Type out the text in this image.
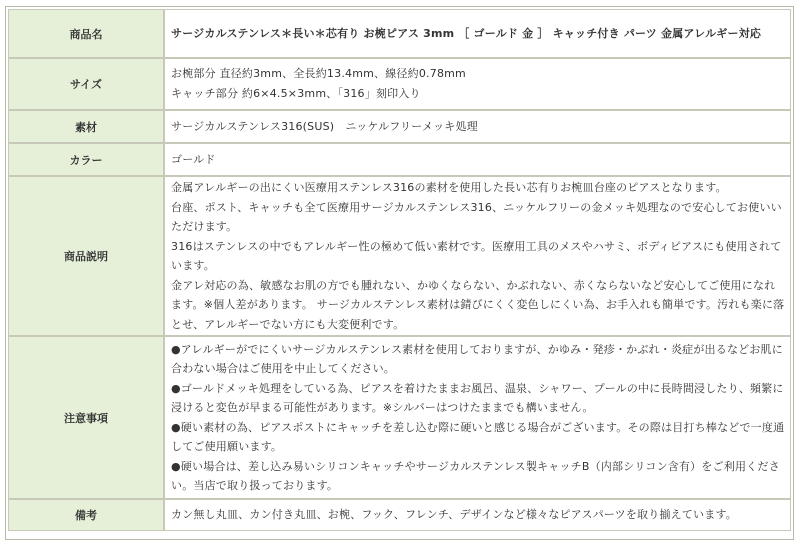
商品名	サージカルステンレス＊長い＊芯有り お椀ピアス 3mm ［ ゴールド 金 ］ キャッチ付き パーツ 金属アレルギー対応
サイズ	お椀部分 直径約3mm、全長約13.4mm、線径約0.78mm

キャッチ部分 約6×4.5×3mm、「316」刻印入り

素材	サージカルステンレス316(SUS)　ニッケルフリーメッキ処理
カラー	ゴールド
商品説明	金属アレルギーの出にくい医療用ステンレス316の素材を使用した長い芯有りお椀皿台座のピアスとなります。

台座、ポスト、キャッチも全て医療用サージカルステンレス316、ニッケルフリーの金メッキ処理なので安心してお使いいただけます。

316はステンレスの中でもアレルギー性の極めて低い素材です。医療用工具のメスやハサミ、ボディピアスにも使用されています。

金アレ対応の為、敏感なお肌の方でも腫れない、かゆくならない、かぶれない、赤くならないなど安心してご使用になれます。※個人差があります。 サージカルステンレス素材は錆びにくく変色しにくい為、お手入れも簡単です。汚れも楽に落とせ、アレルギーでない方にも大変便利です。

注意事項	●アレルギーがでにくいサージカルステンレス素材を使用しておりますが、かゆみ・発疹・かぶれ・炎症が出るなどお肌に合わない場合はご使用を中止してください。

●ゴールドメッキ処理をしている為、ピアスを着けたままお風呂、温泉、シャワー、プールの中に長時間浸したり、頻繁に浸けると変色が早まる可能性があります。※シルバーはつけたままでも構いません。

●硬い素材の為、ピアスポストにキャッチを差し込む際に硬いと感じる場合がございます。その際は目打ち棒などで一度通してご使用願います。

●硬い場合は、差し込み易いシリコンキャッチやサージカルステンレス製キャッチB（内部シリコン含有）をご利用ください。当店で取り扱っております。

備考	カン無し丸皿、カン付き丸皿、お椀、フック、フレンチ、デザインなど様々なピアスパーツを取り揃えています。
